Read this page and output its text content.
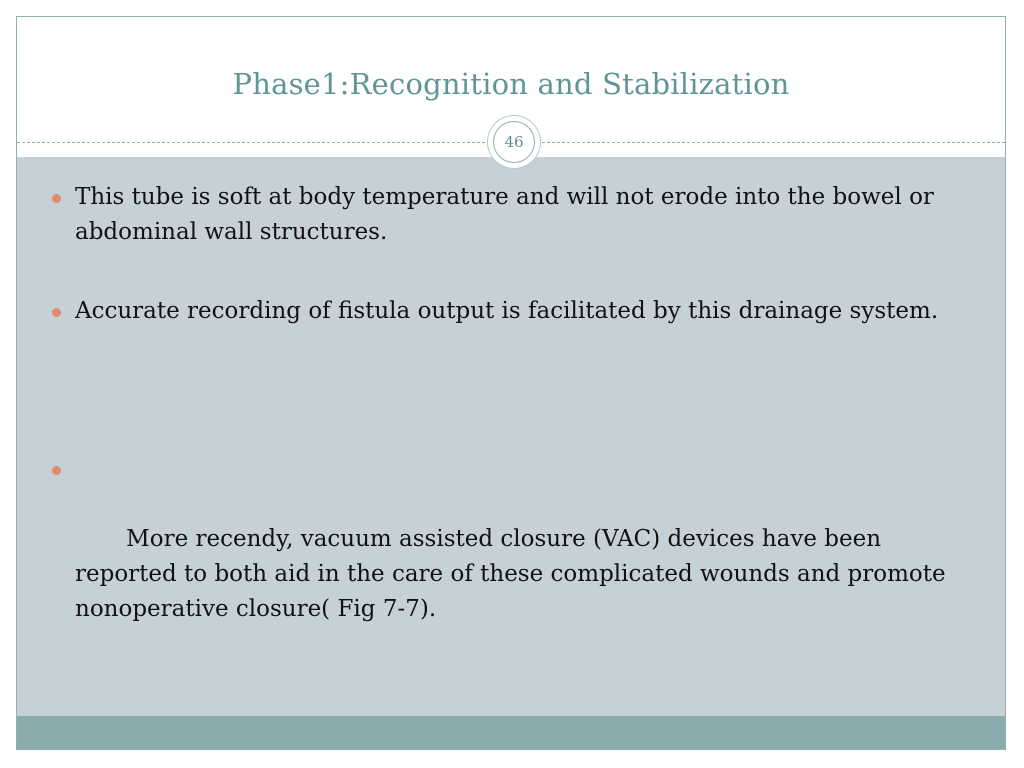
Phase1:Recognition and Stabilization
This tube is soft at body temperature and will not erode into the bowel or abdominal wall structures.
Accurate recording of fistula output is facilitated by this drainage system.

More recendy, vacuum assisted closure (VAC) devices have been reported to both aid in the care of these complicated wounds and promote nonoperative closure( Fig 7-7).

46
